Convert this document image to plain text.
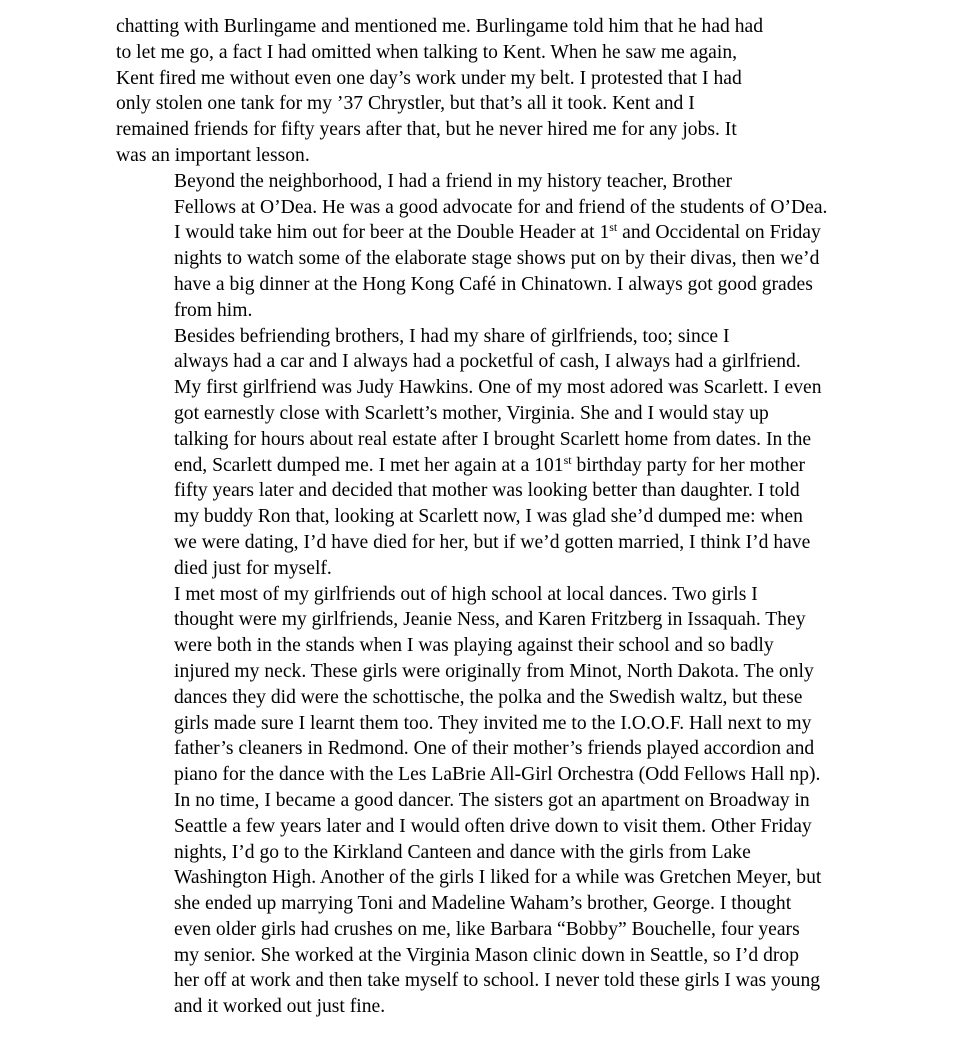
chatting with Burlingame and mentioned me. Burlingame told him that he had had
to let me go, a fact I had omitted when talking to Kent. When he saw me again,
Kent fired me without even one day’s work under my belt. I protested that I had
only stolen one tank for my ’37 Chrystler, but that’s all it took. Kent and I
remained friends for fifty years after that, but he never hired me for any jobs. It
was an important lesson.

Beyond the neighborhood, I had a friend in my history teacher, Brother
Fellows at O’Dea. He was a good advocate for and friend of the students of O’Dea.
I would take him out for beer at the Double Header at 1st and Occidental on Friday
nights to watch some of the elaborate stage shows put on by their divas, then we’d
have a big dinner at the Hong Kong Café in Chinatown. I always got good grades
from him.

Besides befriending brothers, I had my share of girlfriends, too; since I
always had a car and I always had a pocketful of cash, I always had a girlfriend.
My first girlfriend was Judy Hawkins. One of my most adored was Scarlett. I even
got earnestly close with Scarlett’s mother, Virginia. She and I would stay up
talking for hours about real estate after I brought Scarlett home from dates. In the
end, Scarlett dumped me. I met her again at a 101st birthday party for her mother
fifty years later and decided that mother was looking better than daughter. I told
my buddy Ron that, looking at Scarlett now, I was glad she’d dumped me: when
we were dating, I’d have died for her, but if we’d gotten married, I think I’d have
died just for myself.

I met most of my girlfriends out of high school at local dances. Two girls I
thought were my girlfriends, Jeanie Ness, and Karen Fritzberg in Issaquah. They
were both in the stands when I was playing against their school and so badly
injured my neck. These girls were originally from Minot, North Dakota. The only
dances they did were the schottische, the polka and the Swedish waltz, but these
girls made sure I learnt them too. They invited me to the I.O.O.F. Hall next to my
father’s cleaners in Redmond. One of their mother’s friends played accordion and
piano for the dance with the Les LaBrie All-Girl Orchestra (Odd Fellows Hall np).
In no time, I became a good dancer. The sisters got an apartment on Broadway in
Seattle a few years later and I would often drive down to visit them. Other Friday
nights, I’d go to the Kirkland Canteen and dance with the girls from Lake
Washington High. Another of the girls I liked for a while was Gretchen Meyer, but
she ended up marrying Toni and Madeline Waham’s brother, George. I thought
even older girls had crushes on me, like Barbara “Bobby” Bouchelle, four years
my senior. She worked at the Virginia Mason clinic down in Seattle, so I’d drop
her off at work and then take myself to school. I never told these girls I was young
and it worked out just fine.
